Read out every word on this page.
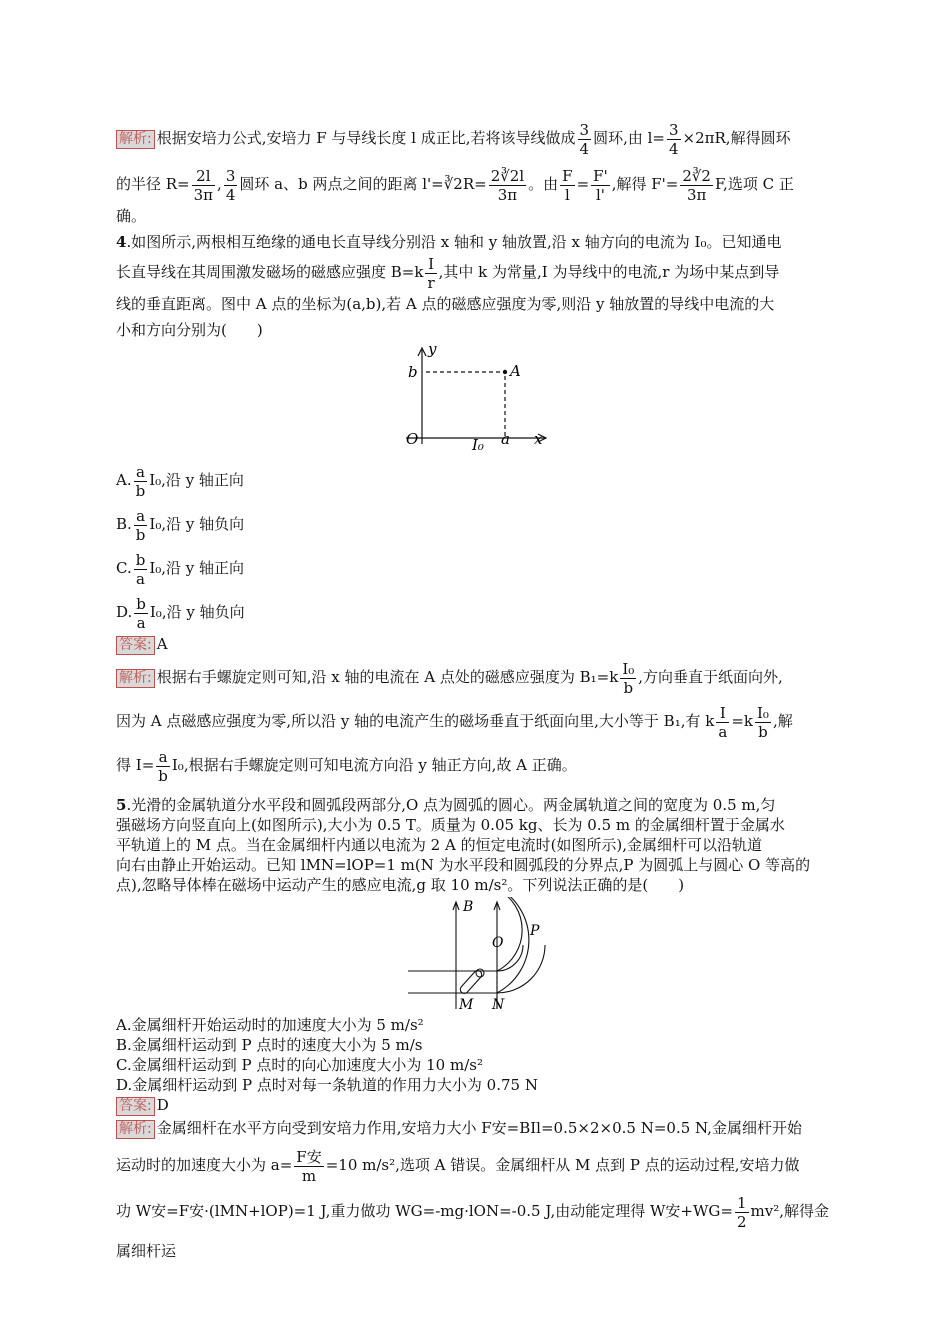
解析: 根据安培力公式,安培力 F 与导线长度 l 成正比,若将该导线做成 $\frac{3}{4}$ 圆环,由 $l= \frac{3}{4} \times 2\pi R$,解得圆环

的半径 $R= \frac{2l}{3\pi}$ , $\frac{3}{4}$ 圆环 a、b 两点之间的距离 l'=∛2R= $\frac{2∛2l}{3\pi}$ 。由 $\frac{F}{l} = \frac{F'}{l'}$ ,解得 $F'= \frac{2∛2}{3\pi} F$,选项 C 正

确。

4.如图所示,两根相互绝缘的通电长直导线分别沿 x 轴和 y 轴放置,沿 x 轴方向的电流为 I₀。已知通电

长直导线在其周围激发磁场的磁感应强度 $B=k \frac{I}{r}$ ,其中 k 为常量,I 为导线中的电流,r 为场中某点到导

线的垂直距离。图中 A 点的坐标为(a,b),若 A 点的磁感应强度为零,则沿 y 轴放置的导线中电流的大

小和方向分别为(　　)

y
x
b	A
O	I₀ a

A. $\frac{a}{b} I_0$,沿 y 轴正向

B. $\frac{a}{b} I_0$,沿 y 轴负向

C. $\frac{b}{a} I_0$,沿 y 轴正向

D. $\frac{b}{a} I_0$,沿 y 轴负向

答案: A

解析: 根据右手螺旋定则可知,沿 x 轴的电流在 A 点处的磁感应强度为 $B_1=k \frac{\text{I₀}}{b}$ ,方向垂直于纸面向外,

因为 A 点磁感应强度为零,所以沿 y 轴的电流产生的磁场垂直于纸面向里,大小等于 B₁,有 k $\frac{I}{a} =k \frac{\text{I₀}}{b}$ ,解

得 $I= \frac{a}{b} I_0$,根据右手螺旋定则可知电流方向沿 y 轴正方向,故 A 正确。

5.光滑的金属轨道分水平段和圆弧段两部分,O 点为圆弧的圆心。两金属轨道之间的宽度为 0.5 m,匀

强磁场方向竖直向上(如图所示),大小为 0.5 T。质量为 0.05 kg、长为 0.5 m 的金属细杆置于金属水

平轨道上的 M 点。当在金属细杆内通以电流为 2 A 的恒定电流时(如图所示),金属细杆可以沿轨道

向右由静止开始运动。已知 lMN=lOP=1 m(N 为水平段和圆弧段的分界点,P 为圆弧上与圆心 O 等高的

点),忽略导体棒在磁场中运动产生的感应电流,g 取 10 m/s²。下列说法正确的是(　　)

B
O
P
M N

A.金属细杆开始运动时的加速度大小为 5 m/s²

B.金属细杆运动到 P 点时的速度大小为 5 m/s

C.金属细杆运动到 P 点时的向心加速度大小为 10 m/s²

D.金属细杆运动到 P 点时对每一条轨道的作用力大小为 0.75 N

答案: D

解析: 金属细杆在水平方向受到安培力作用,安培力大小 F安=BIl=0.5×2×0.5 N=0.5 N,金属细杆开始

运动时的加速度大小为 $a= \frac{\text{F安}}{m} =10$ m/s²,选项 A 错误。金属细杆从 M 点到 P 点的运动过程,安培力做

功 W安=F安·(lMN+lOP)=1 J,重力做功 WG=-mg·lON=-0.5 J,由动能定理得 W安$+WG= \frac{1}{2} mv^2$,解得金属细杆运
